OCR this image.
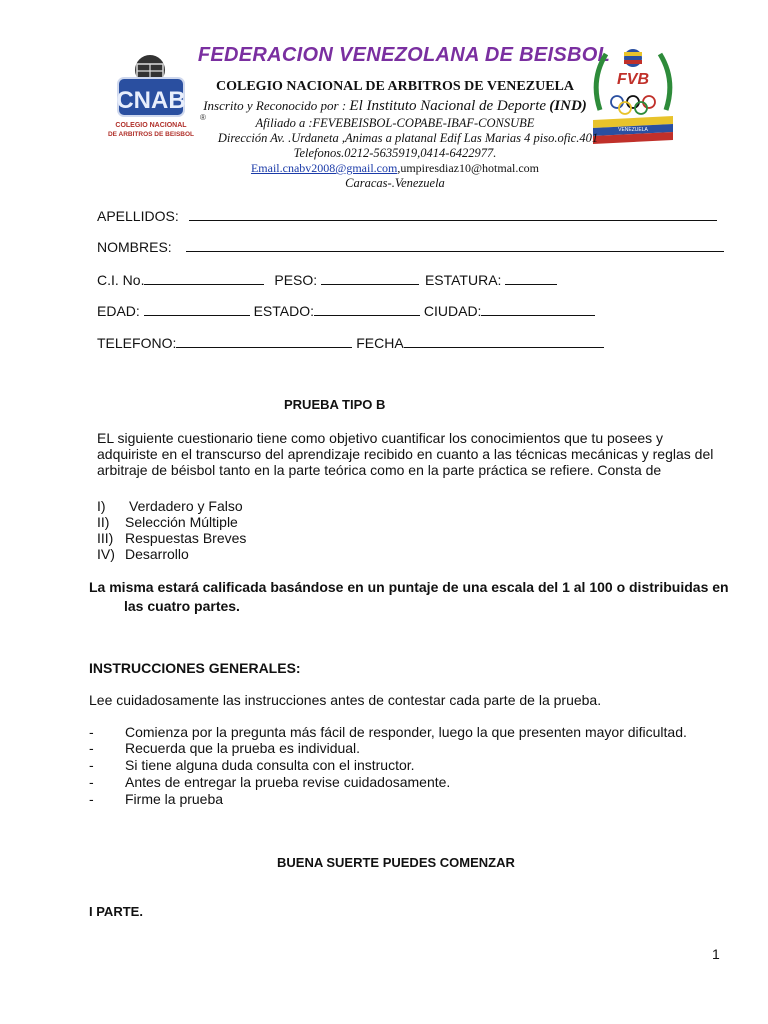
FEDERACION VENEZOLANA DE BEISBOL
CNAB
COLEGIO NACIONAL
DE ARBITROS DE BEISBOL
®
FVB
VENEZUELA
COLEGIO NACIONAL DE ARBITROS DE VENEZUELA
Inscrito y Reconocido por : El Instituto Nacional de Deporte (IND)
Afiliado a :FEVEBEISBOL-COPABE-IBAF-CONSUBE
Dirección Av. .Urdaneta ,Animas a platanal Edif Las Marias 4 piso.ofic.401
Telefonos.0212-5635919,0414-6422977.
Email.cnabv2008@gmail.com,umpiresdiaz10@hotmal.com
Caracas-.Venezuela
APELLIDOS:
NOMBRES:
C.I. No.	PESO:	ESTATURA:
EDAD:	ESTADO:	CIUDAD:
TELEFONO:	FECHA
PRUEBA TIPO B
EL siguiente cuestionario tiene como objetivo cuantificar los conocimientos que tu posees y adquiriste en el transcurso del aprendizaje recibido en cuanto a las técnicas mecánicas y reglas del arbitraje de béisbol tanto en la parte teórica como en la parte práctica se refiere. Consta de
I) Verdadero y Falso
II) Selección Múltiple
III) Respuestas Breves
IV) Desarrollo
La misma estará calificada basándose en un puntaje de una escala del 1 al 100 o distribuidas en
las cuatro partes.
INSTRUCCIONES GENERALES:
Lee cuidadosamente las instrucciones antes de contestar cada parte de la prueba.
- Comienza por la pregunta más fácil de responder, luego la que presenten mayor dificultad.
- Recuerda que la prueba es individual.
- Si tiene alguna duda consulta con el instructor.
- Antes de entregar la prueba revise cuidadosamente.
- Firme la prueba
BUENA SUERTE PUEDES COMENZAR
I PARTE.
1
